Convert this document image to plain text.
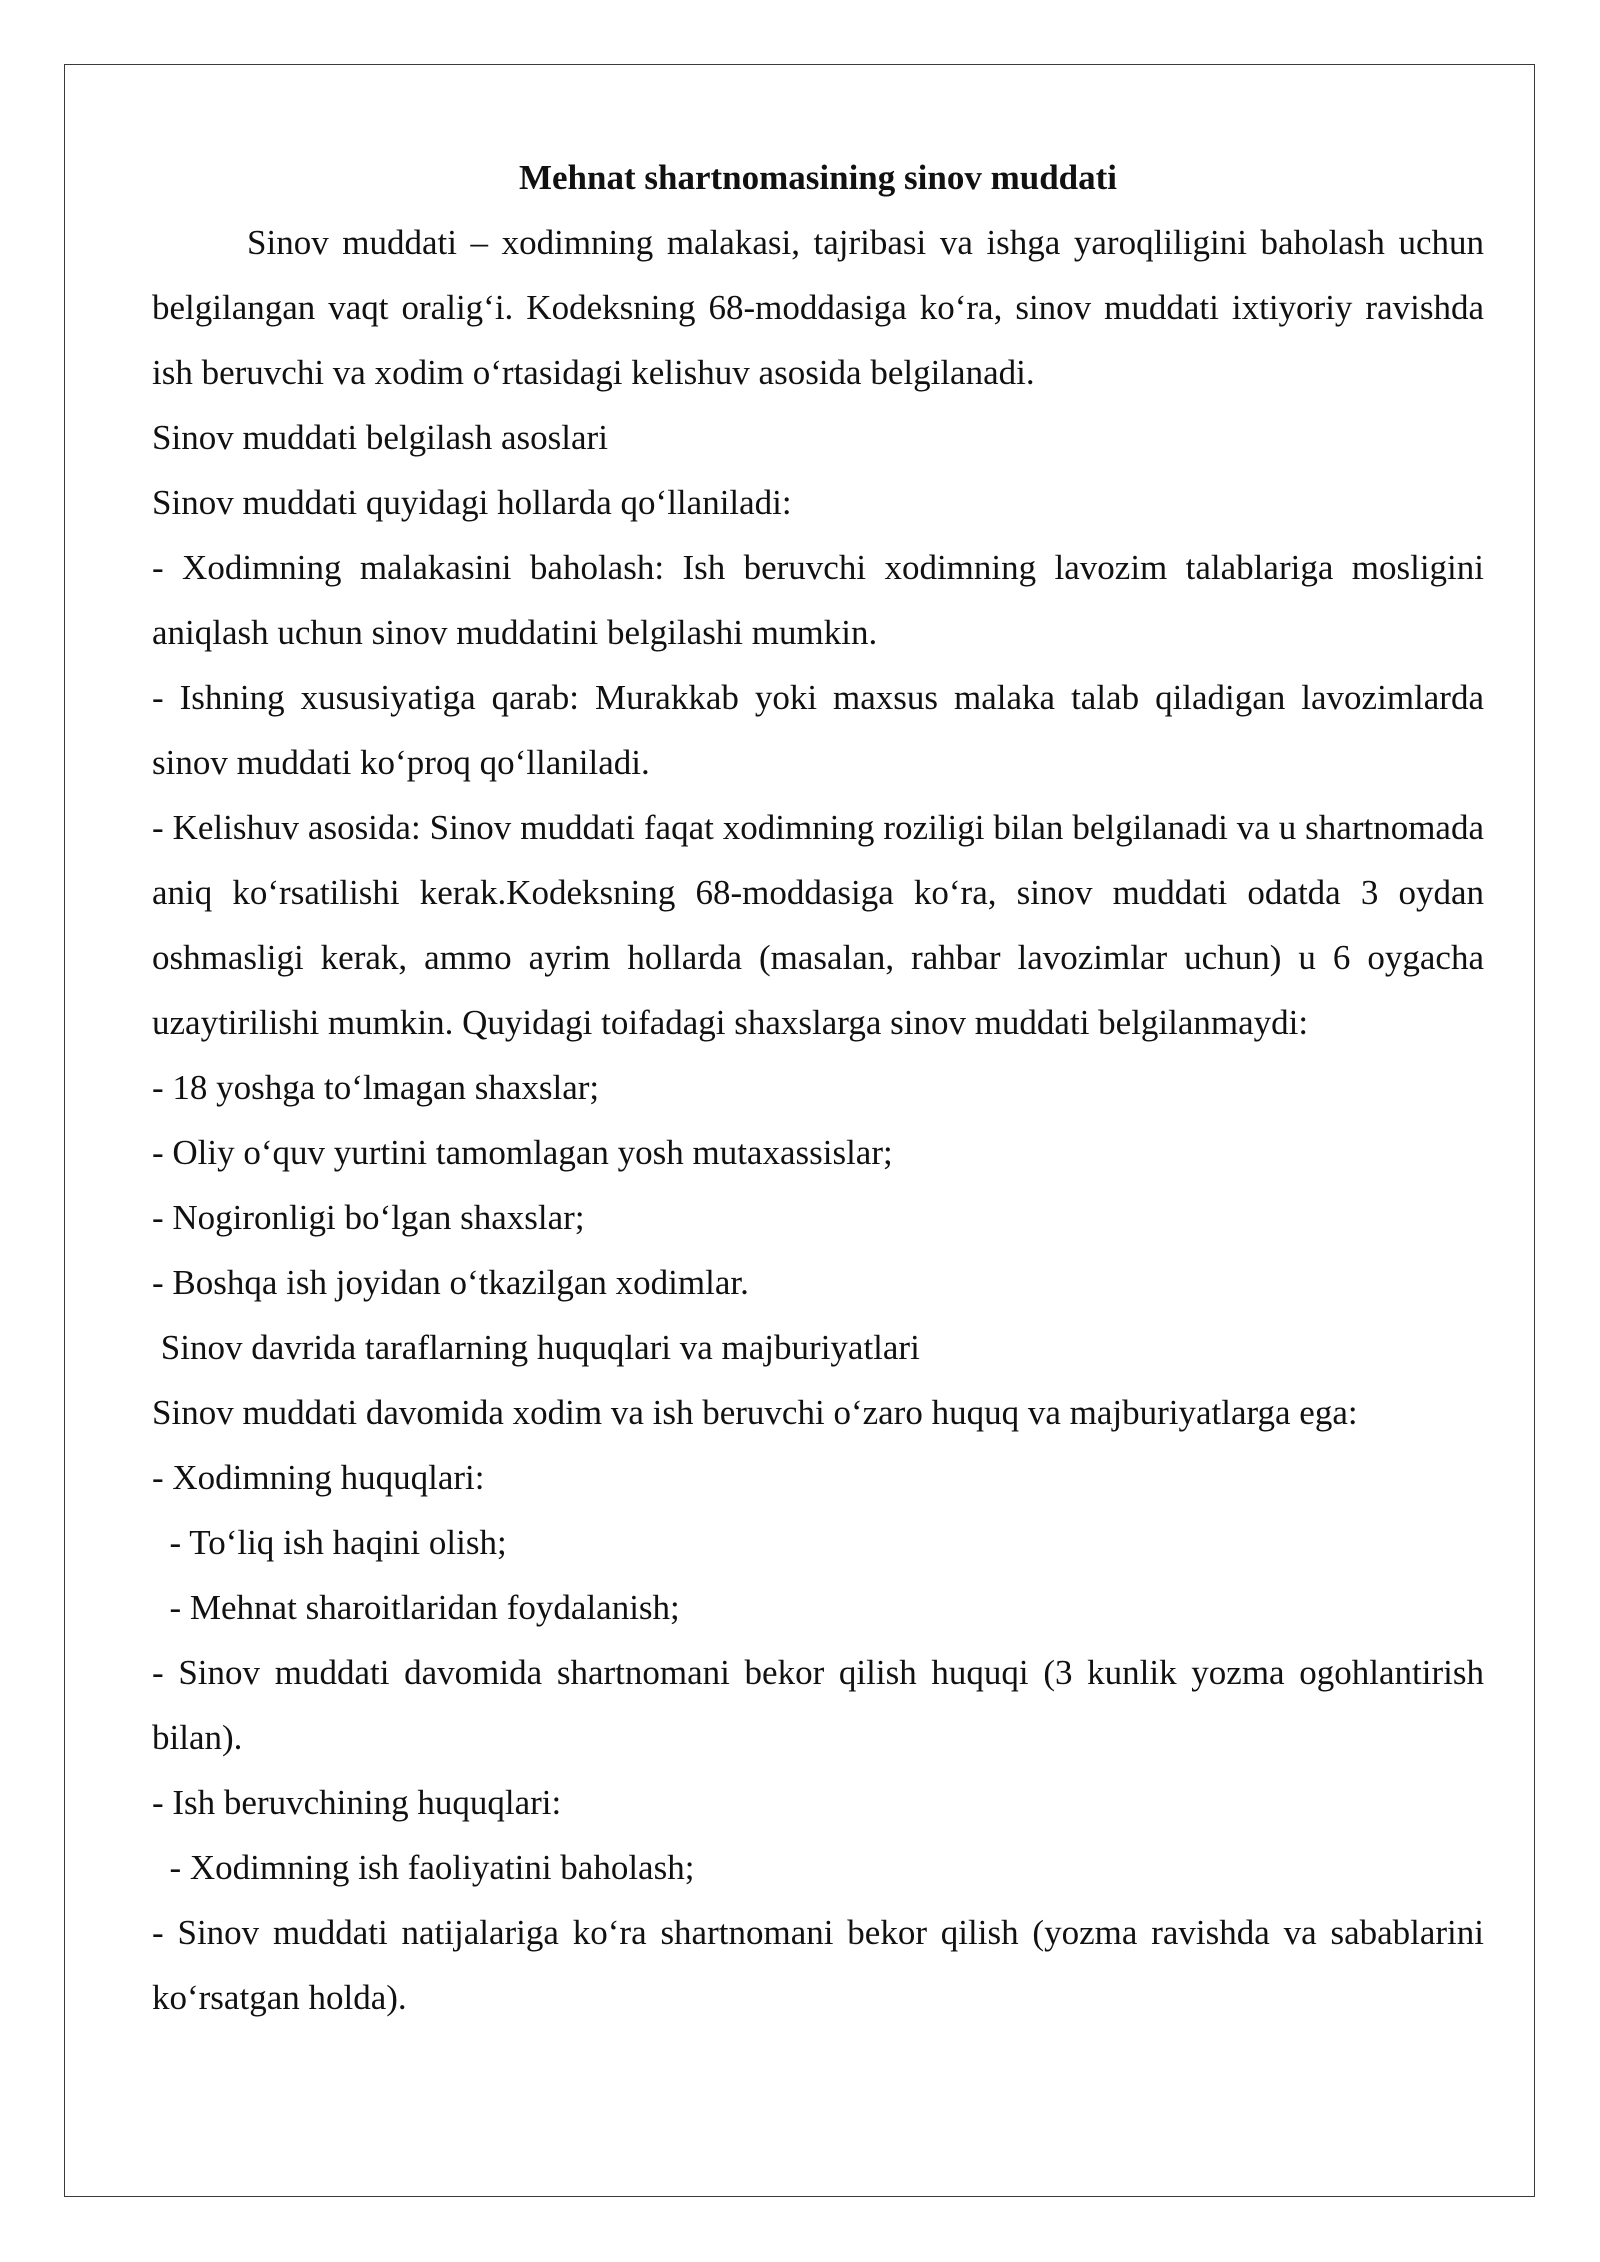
Mehnat shartnomasining sinov muddati

Sinov muddati – xodimning malakasi, tajribasi va ishga yaroqliligini baholash uchun belgilangan vaqt oralig‘i. Kodeksning 68-moddasiga ko‘ra, sinov muddati ixtiyoriy ravishda ish beruvchi va xodim o‘rtasidagi kelishuv asosida belgilanadi.

Sinov muddati belgilash asoslari

Sinov muddati quyidagi hollarda qo‘llaniladi:

- Xodimning malakasini baholash: Ish beruvchi xodimning lavozim talablariga mosligini aniqlash uchun sinov muddatini belgilashi mumkin.

- Ishning xususiyatiga qarab: Murakkab yoki maxsus malaka talab qiladigan lavozimlarda sinov muddati ko‘proq qo‘llaniladi.

- Kelishuv asosida: Sinov muddati faqat xodimning roziligi bilan belgilanadi va u shartnomada aniq ko‘rsatilishi kerak.Kodeksning 68-moddasiga ko‘ra, sinov muddati odatda 3 oydan oshmasligi kerak, ammo ayrim hollarda (masalan, rahbar lavozimlar uchun) u 6 oygacha uzaytirilishi mumkin. Quyidagi toifadagi shaxslarga sinov muddati belgilanmaydi:

- 18 yoshga to‘lmagan shaxslar;

- Oliy o‘quv yurtini tamomlagan yosh mutaxassislar;

- Nogironligi bo‘lgan shaxslar;

- Boshqa ish joyidan o‘tkazilgan xodimlar.

Sinov davrida taraflarning huquqlari va majburiyatlari

Sinov muddati davomida xodim va ish beruvchi o‘zaro huquq va majburiyatlarga ega:

- Xodimning huquqlari:

- To‘liq ish haqini olish;

- Mehnat sharoitlaridan foydalanish;

- Sinov muddati davomida shartnomani bekor qilish huquqi (3 kunlik yozma ogohlantirish bilan).

- Ish beruvchining huquqlari:

- Xodimning ish faoliyatini baholash;

- Sinov muddati natijalariga ko‘ra shartnomani bekor qilish (yozma ravishda va sabablarini ko‘rsatgan holda).
